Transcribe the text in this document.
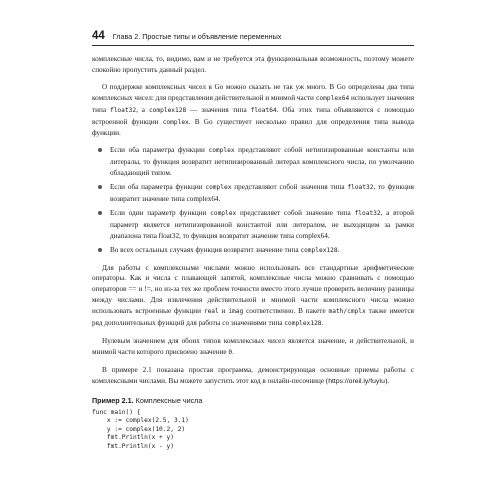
44 Глава 2. Простые типы и объявление переменных

комплексные числа, то, видимо, вам и не требуется эта функциональная возможность, поэтому можете спокойно пропустить данный раздел.

О поддержке комплексных чисел в Go можно сказать не так уж много. В Go определены два типа комплексных чисел: для представления действительной и мнимой части complex64 использует значения типа float32, а complex128 — значения типа float64. Оба этих типа объявляются с помощью встроенной функции complex. В Go существует несколько правил для определения типа вывода функции.

Если оба параметра функции complex представляют собой нетипизированные константы или литералы, то функция возвратит нетипизированный литерал комплексного числа, по умолчанию обладающий типом.
Если оба параметра функции complex представляют собой значения типа float32, то функция возвратит значение типа complex64.
Если один параметр функции complex представляет собой значение типа float32, а второй параметр является нетипизированной константой или литералом, не выходящим за рамки диапазона типа float32, то функция возвратит значение типа complex64.
Во всех остальных случаях функция возвратит значение типа complex128.

Для работы с комплексными числами можно использовать все стандартные арифметические операторы. Как и числа с плавающей запятой, комплексные числа можно сравнивать с помощью операторов == и !=, но из-за тех же проблем точности вместо этого лучше проверить величину разницы между числами. Для извлечения действительной и мнимой части комплексного числа можно использовать встроенные функции real и imag соответственно. В пакете math/cmplx также имеется ряд дополнительных функций для работы со значениями типа complex128.

Нулевым значением для обоих типов комплексных чисел является значение, и действительной, и мнимой части которого присвоено значение 0.

В примере 2.1 показана простая программа, демонстрирующая основные приемы работы с комплексными числами. Вы можете запустить этот код в онлайн-песочнице (https://oreil.ly/fuyIu).

Пример 2.1. Комплексные числа
func main() {
x := complex(2.5, 3.1)
y := complex(10.2, 2)
fmt.Println(x + y)
fmt.Println(x - y)
